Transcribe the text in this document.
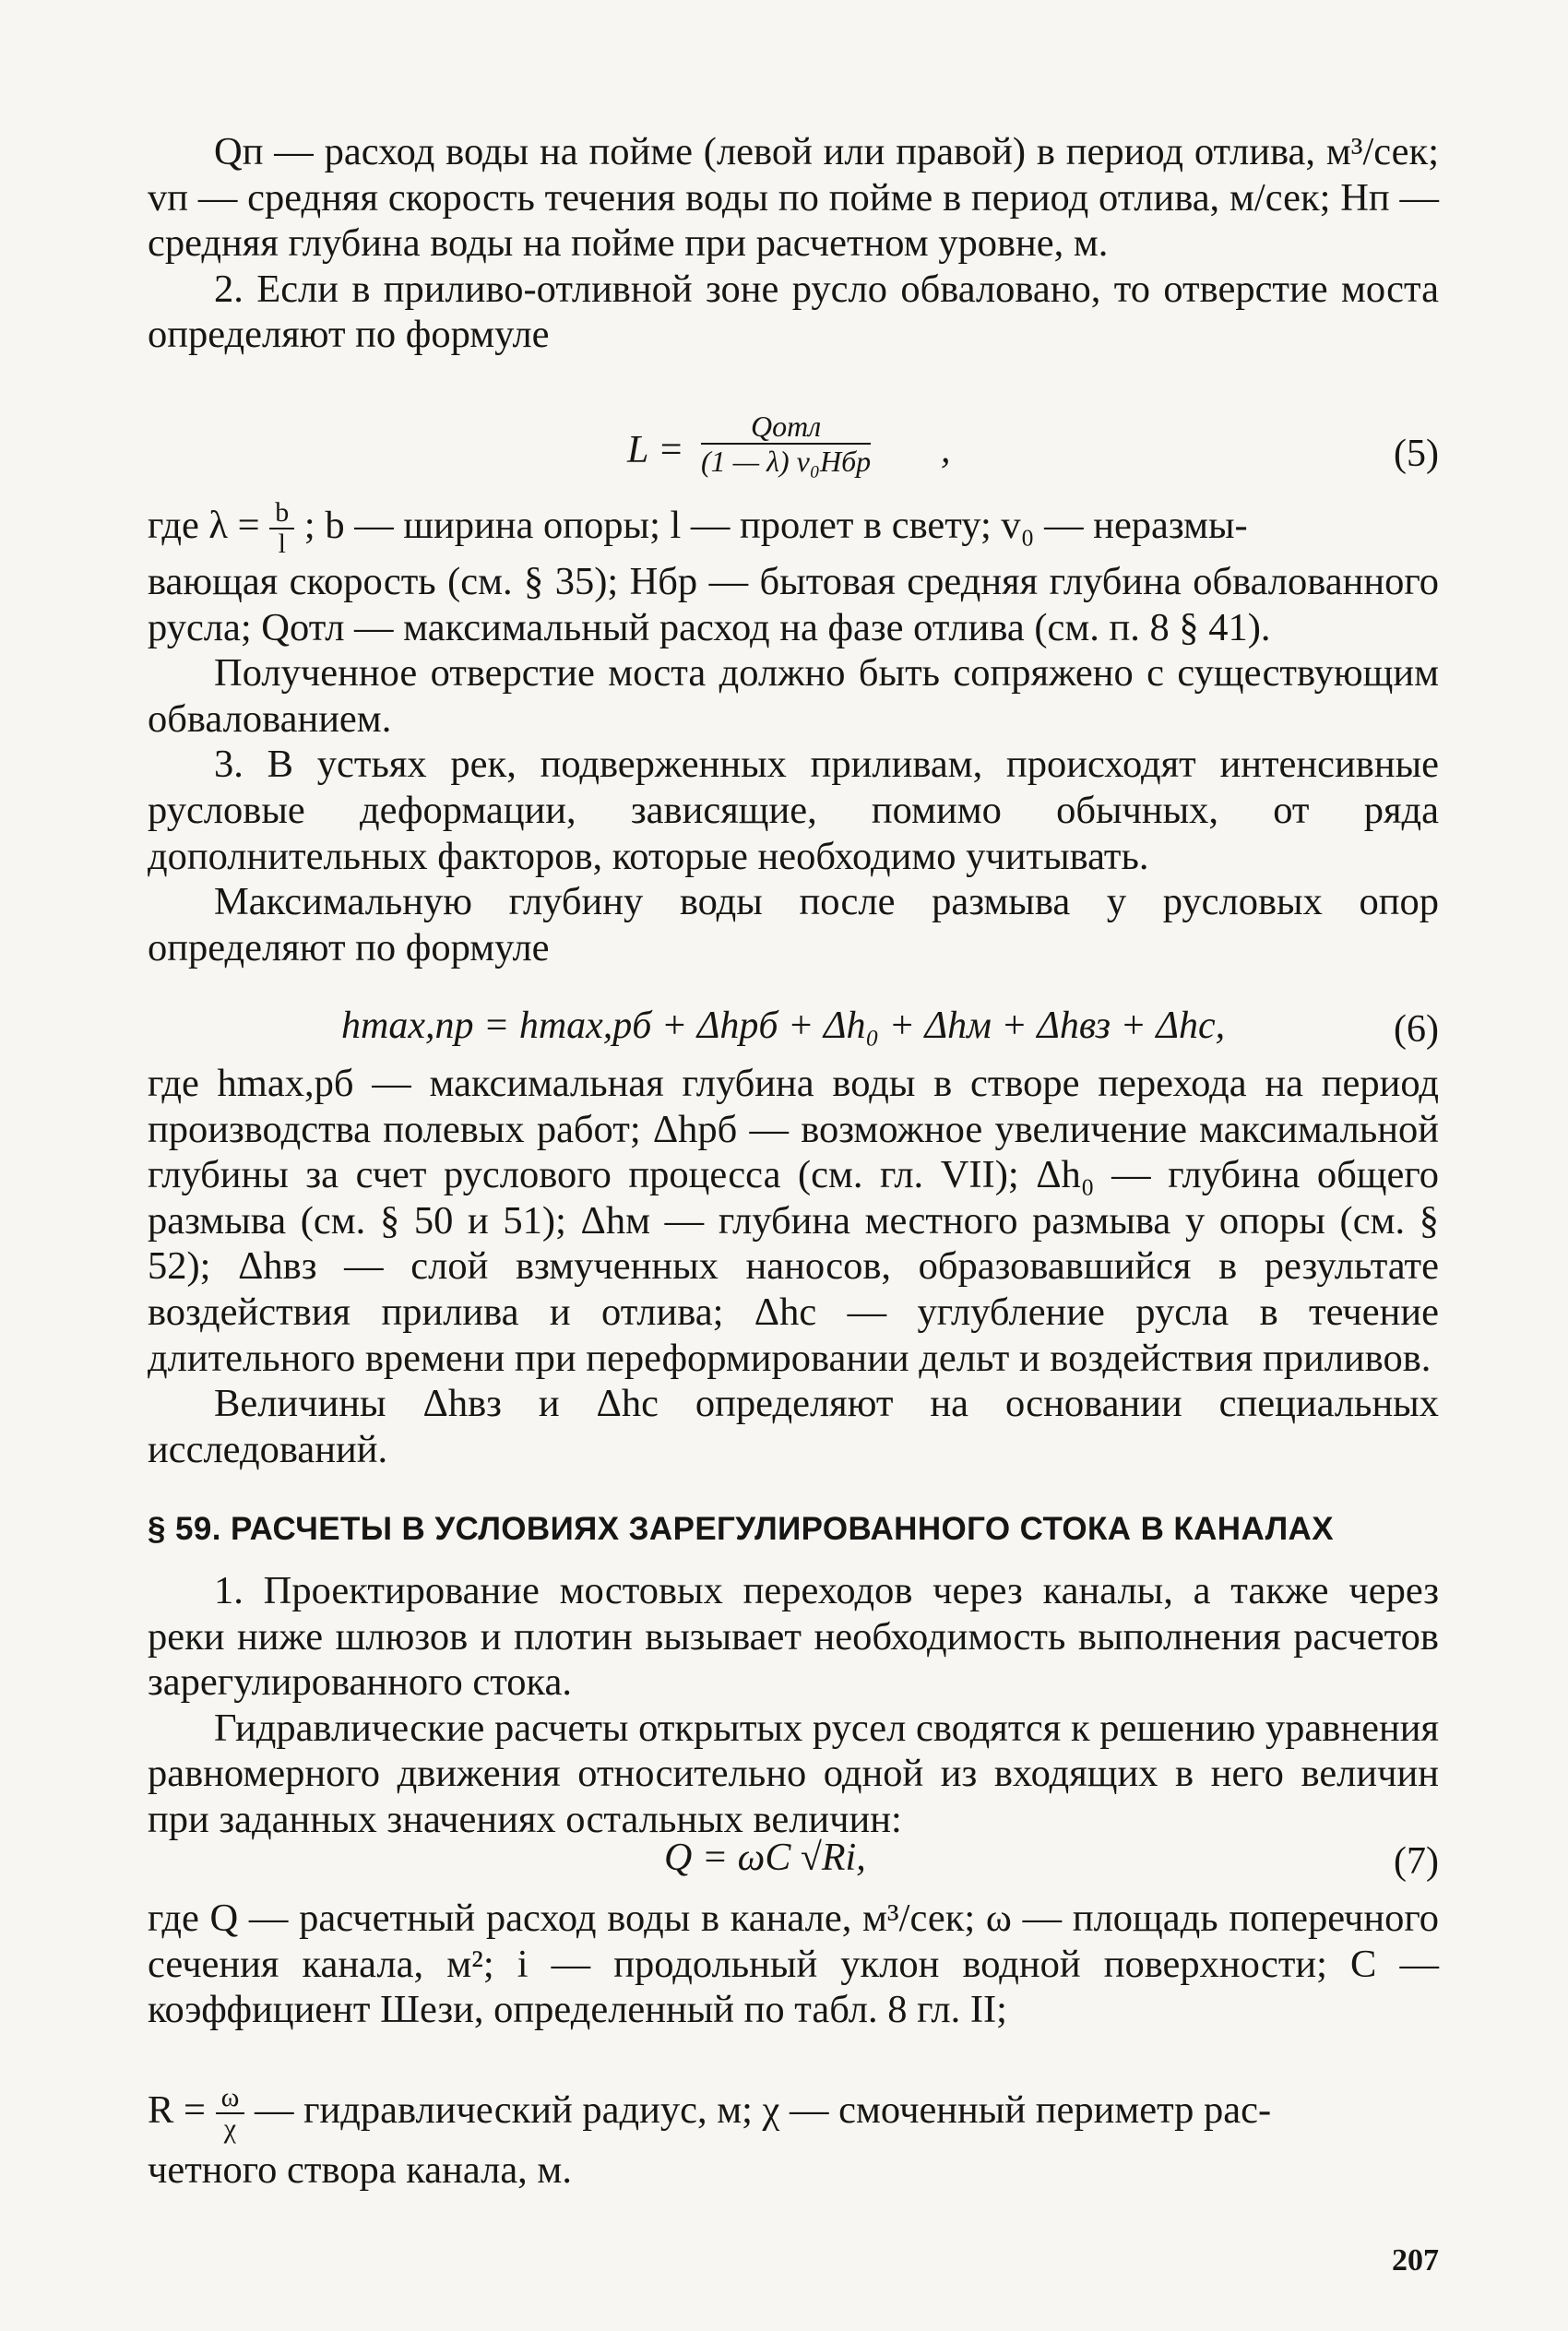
Qп — расход воды на пойме (левой или правой) в период отлива, м³/сек; vп — средняя скорость течения воды по пойме в период отлива, м/сек; Hп — средняя глубина воды на пойме при расчетном уровне, м.

2. Если в приливо-отливной зоне русло обваловано, то отверстие моста определяют по формуле

$L = \frac{\text{Qотл}}{\text{(1 — λ) v₀Hбр}}$ ,	(5)
где $\lambda = \frac{b}{l}$ ; b — ширина опоры; l — пролет в свету; v₀ — неразмы-

вающая скорость (см. § 35); Hбр — бытовая средняя глубина обвалованного русла; Qотл — максимальный расход на фазе отлива (см. п. 8 § 41).

Полученное отверстие моста должно быть сопряжено с существующим обвалованием.

3. В устьях рек, подверженных приливам, происходят интенсивные русловые деформации, зависящие, помимо обычных, от ряда дополнительных факторов, которые необходимо учитывать.

Максимальную глубину воды после размыва у русловых опор определяют по формуле

hmax,пр = hmax,рб + Δhрб + Δh₀ + Δhм + Δhвз + Δhс,	(6)

где hmax,рб — максимальная глубина воды в створе перехода на период производства полевых работ; Δhрб — возможное увеличение максимальной глубины за счет руслового процесса (см. гл. VII); Δh₀ — глубина общего размыва (см. § 50 и 51); Δhм — глубина местного размыва у опоры (см. § 52); Δhвз — слой взмученных наносов, образовавшийся в результате воздействия прилива и отлива; Δhс — углубление русла в течение длительного времени при переформировании дельт и воздействия приливов.

Величины Δhвз и Δhс определяют на основании специальных исследований.

§ 59. РАСЧЕТЫ В УСЛОВИЯХ ЗАРЕГУЛИРОВАННОГО СТОКА В КАНАЛАХ

1. Проектирование мостовых переходов через каналы, а также через реки ниже шлюзов и плотин вызывает необходимость выполнения расчетов зарегулированного стока.

Гидравлические расчеты открытых русел сводятся к решению уравнения равномерного движения относительно одной из входящих в него величин при заданных значениях остальных величин:

Q = ωC √Ri,	(7)

где Q — расчетный расход воды в канале, м³/сек; ω — площадь поперечного сечения канала, м²; i — продольный уклон водной поверхности; C — коэффициент Шези, определенный по табл. 8 гл. II;

$R = \frac{\omega}{\chi}$ — гидравлический радиус, м; χ — смоченный периметр рас-
четного створа канала, м.
207
